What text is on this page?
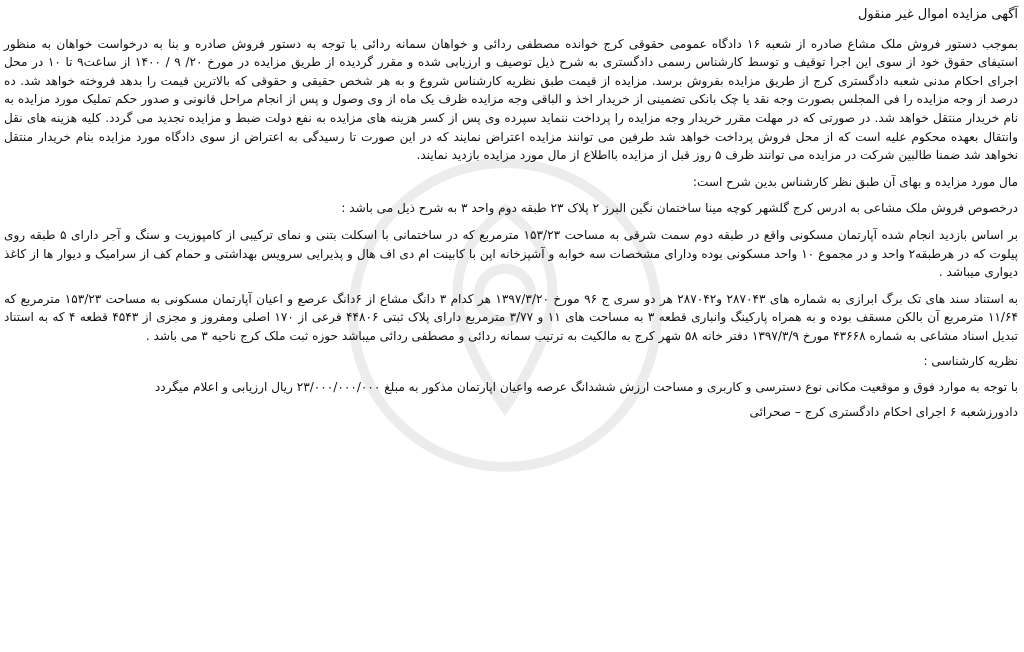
آگهی مزایده اموال غیر منقول

بموجب دستور فروش ملک مشاع صادره از شعبه ۱۶ دادگاه عمومی حقوقی کرج خوانده مصطفی ردائی و خواهان سمانه ردائی با توجه به دستور فروش صادره و بنا به درخواست خواهان به منظور استیفای حقوق خود از سوی این اجرا توقیف و توسط کارشناس رسمی دادگستری به شرح ذیل توصیف و ارزیابی شده و مقرر گردیده از طریق مزایده در مورخ ۲۰/ ۹ / ۱۴۰۰ از ساعت۹ تا ۱۰ در محل اجرای احکام مدنی شعبه دادگستری کرج از طریق مزایده بفروش برسد. مزایده از قیمت طبق نظریه کارشناس شروع و به هر شخص حقیقی و حقوقی که بالاترین قیمت را بدهد فروخته خواهد شد. ده درصد از وجه مزایده را فی المجلس بصورت وجه نقد یا چک بانکی تضمینی از خریدار اخذ و الباقی وجه مزایده ظرف یک ماه از وی وصول و پس از انجام مراحل قانونی و صدور حکم تملیک مورد مزایده به نام خریدار منتقل خواهد شد. در صورتی که در مهلت مقرر خریدار وجه مزایده را پرداخت ننماید سپرده وی پس از کسر هزینه های مزایده به نفع دولت ضبط و مزایده تجدید می گردد. کلیه هزینه های نقل وانتقال بعهده محکوم علیه است که از محل فروش پرداخت خواهد شد طرفین می توانند مزایده اعتراض نمایند که در این صورت تا رسیدگی به اعتراض از سوی دادگاه مورد مزایده بنام خریدار منتقل نخواهد شد ضمنا طالبین شرکت در مزایده می توانند ظرف ۵ روز قبل از مزایده بااطلاع از مال مورد مزایده بازدید نمایند.

مال مورد مزایده و بهای آن طبق نظر کارشناس بدین شرح است:

درخصوص فروش ملک مشاعی به ادرس کرج گلشهر کوچه مینا ساختمان نگین البرز ۲ پلاک ۲۳ طبقه دوم واحد ۳ به شرح ذیل می باشد :

بر اساس بازدید انجام شده آپارتمان مسکونی واقع در طبقه دوم سمت شرقی به مساحت ۱۵۳/۲۳ مترمربع که در ساختمانی با اسکلت بتنی و نمای ترکیبی از کامپوزیت و سنگ و آجر دارای ۵ طبقه روی پیلوت که در هرطبقه۲ واحد و در مجموع ۱۰ واحد مسکونی بوده ودارای مشخصات سه خوابه و آشپزخانه اپن با کابینت ام دی اف هال و پذیرایی سرویس بهداشتی و حمام کف از سرامیک و دیوار ها از کاغذ دیواری میباشد .

به استناد سند های تک برگ ابرازی به شماره های ۲۸۷۰۴۳ و۲۸۷۰۴۲ هر دو سری ج ۹۶ مورخ ۱۳۹۷/۳/۲۰ هر کدام ۳ دانگ مشاع از ۶دانگ عرصع و اعیان آپارتمان مسکونی به مساحت ۱۵۳/۲۳ مترمربع که ۱۱/۶۴ مترمربع آن بالکن مسقف بوده و به همراه پارکینگ وانباری قطعه ۳ به مساحت های ۱۱ و ۳/۷۷ مترمربع دارای پلاک ثبتی ۴۴۸۰۶ فرعی از ۱۷۰ اصلی ومفروز و مجزی از ۴۵۴۳ قطعه ۴ که به استناد تبدیل اسناد مشاعی به شماره ۴۳۶۶۸ مورخ ۱۳۹۷/۳/۹ دفتر خانه ۵۸ شهر کرج به مالکیت به ترتیب سمانه ردائی و مصطفی ردائی میباشد حوزه ثبت ملک کرج ناحیه ۳ می باشد .

نظریه کارشناسی :

با توجه به موارد فوق و موقعیت مکانی نوع دسترسی و کاربری و مساحت ارزش ششدانگ عرصه واعیان اپارتمان مذکور به مبلغ ۲۳/۰۰۰/۰۰۰/۰۰۰ ریال ارزیابی و اعلام میگردد

دادورزشعبه ۶ اجرای احکام دادگستری کرج – صحرائی
